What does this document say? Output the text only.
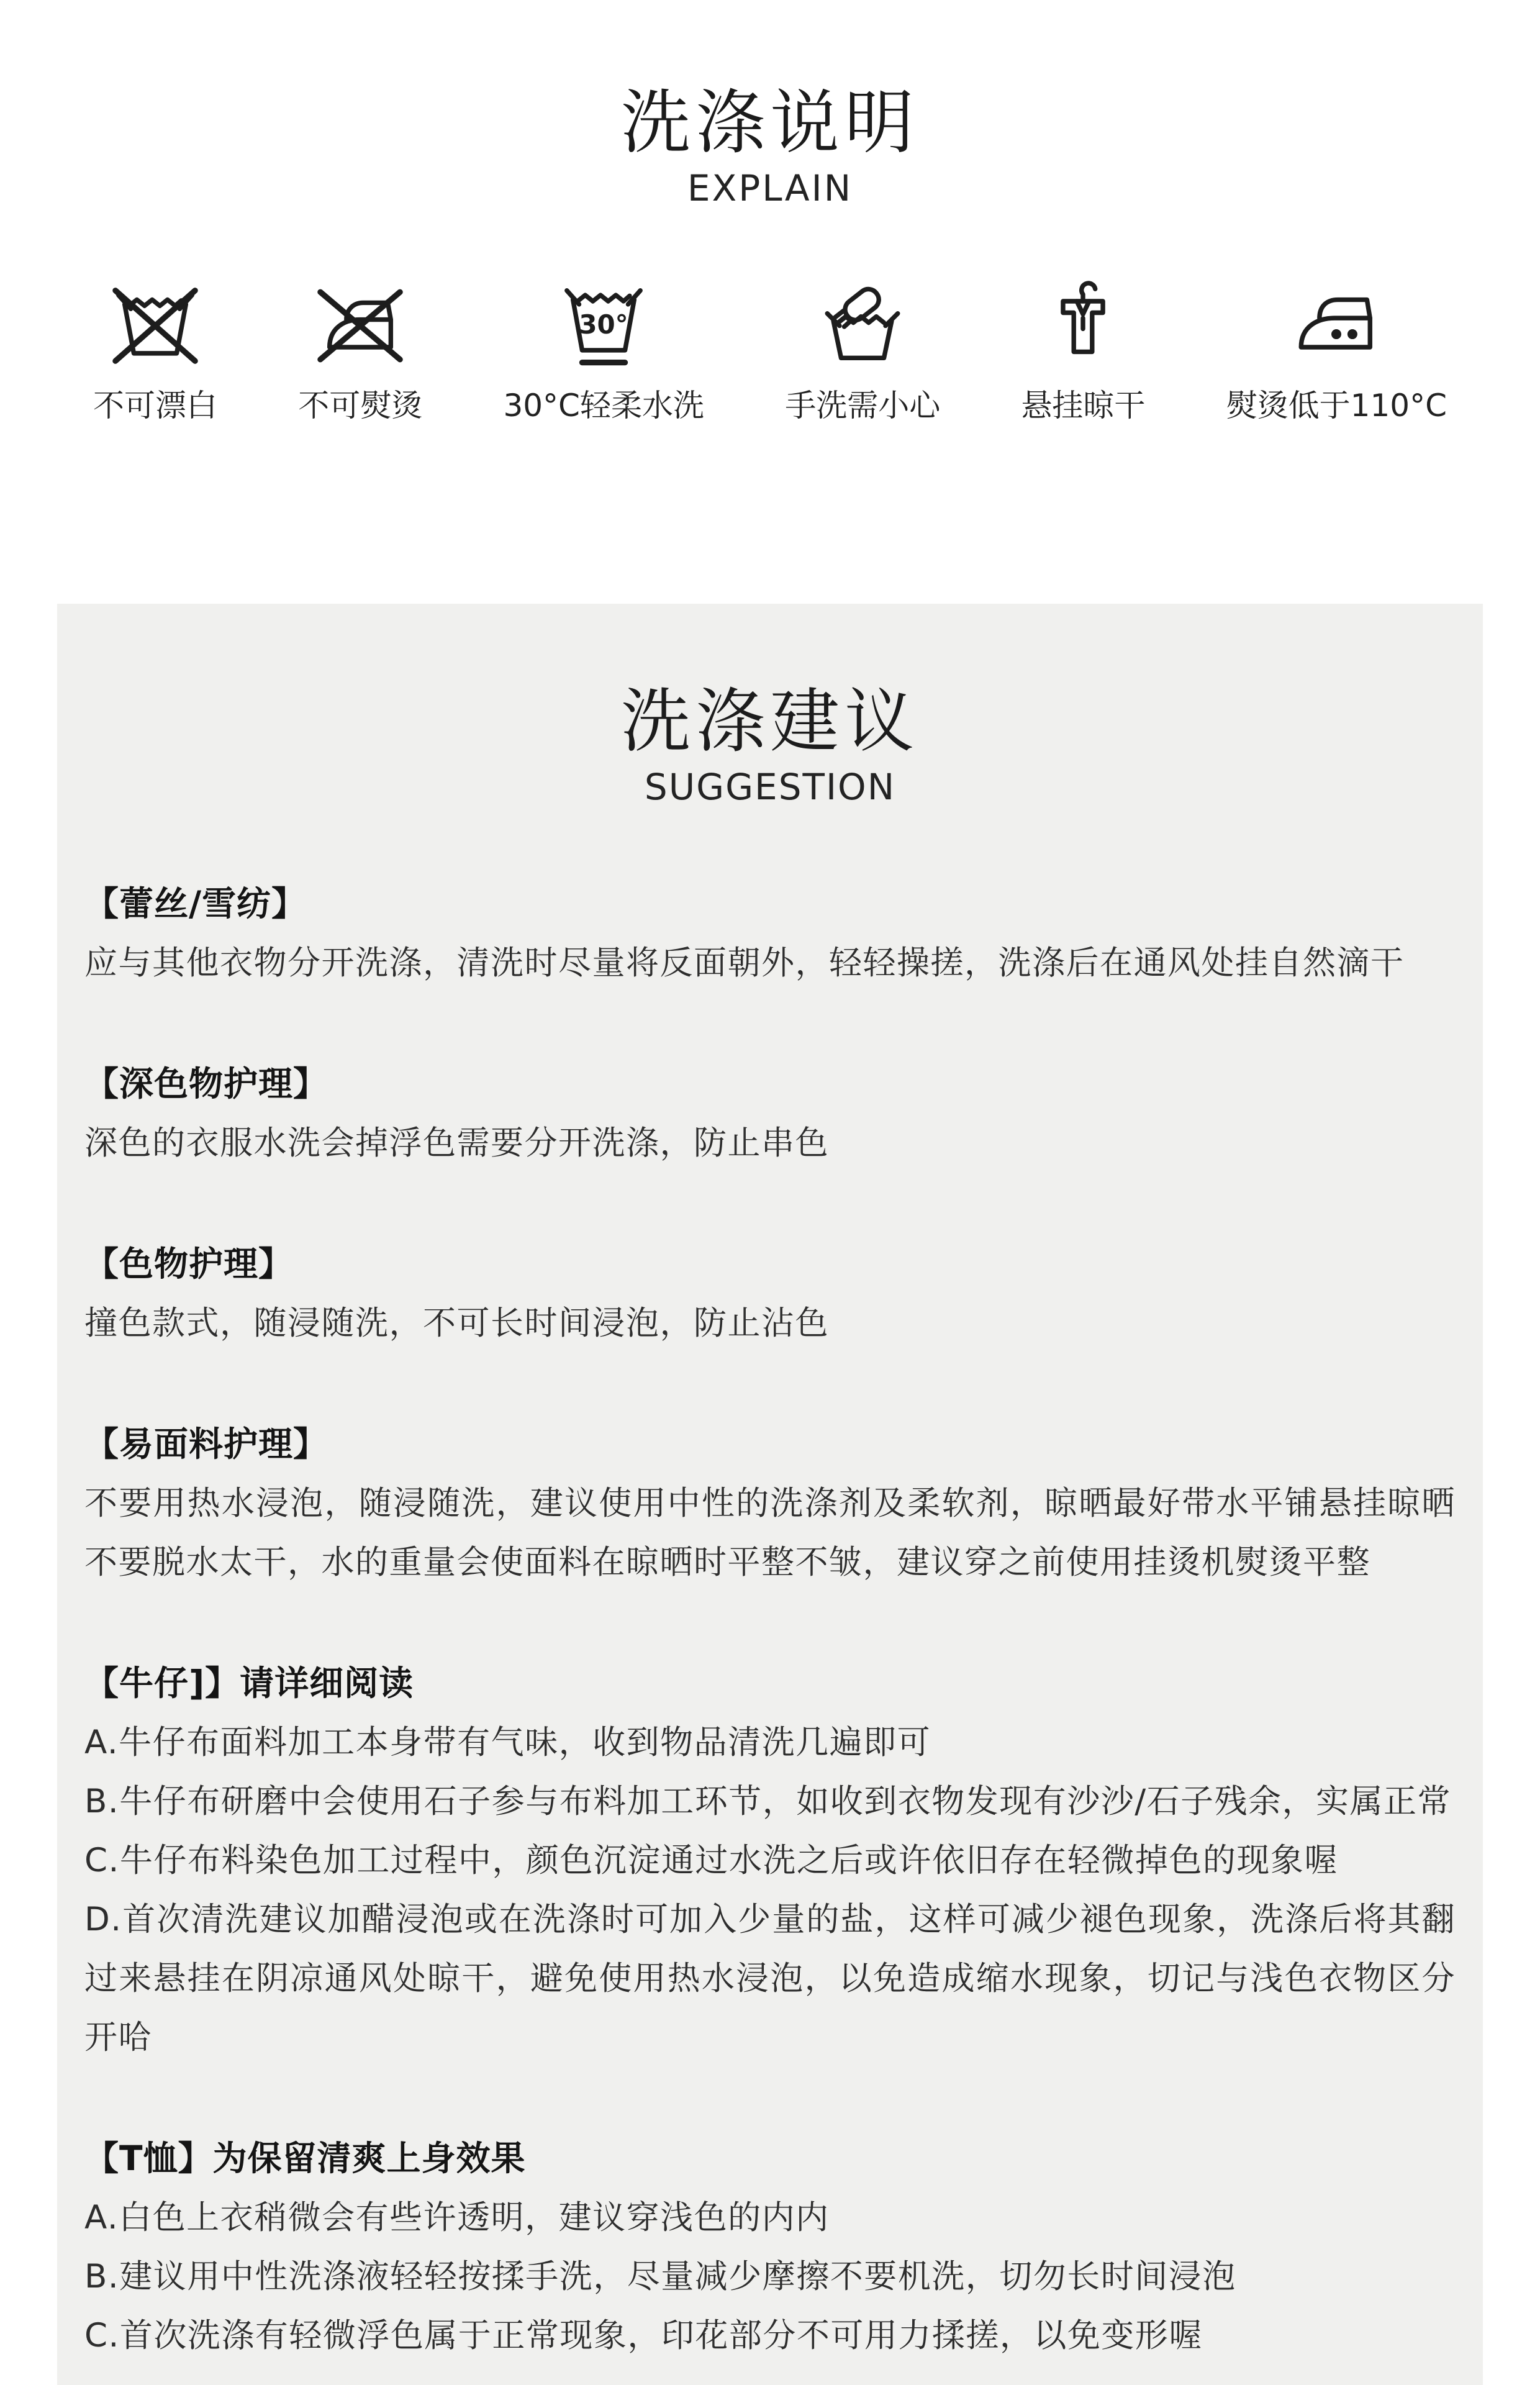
洗涤说明
EXPLAIN
不可漂白	不可熨烫
30°
30°C轻柔水洗	手洗需小心	悬挂晾干	熨烫低于110°C
洗涤建议
SUGGESTION
【蕾丝/雪纺】

应与其他衣物分开洗涤，清洗时尽量将反面朝外，轻轻操搓，洗涤后在通风处挂自然滴干

【深色物护理】

深色的衣服水洗会掉浮色需要分开洗涤，防止串色

【色物护理】

撞色款式，随浸随洗，不可长时间浸泡，防止沾色

【易面料护理】

不要用热水浸泡，随浸随洗，建议使用中性的洗涤剂及柔软剂，晾晒最好带水平铺悬挂晾晒不要脱水太干，水的重量会使面料在晾晒时平整不皱，建议穿之前使用挂烫机熨烫平整

【牛仔]】请详细阅读

A.牛仔布面料加工本身带有气味，收到物品清洗几遍即可

B.牛仔布研磨中会使用石子参与布料加工环节，如收到衣物发现有沙沙/石子残余，实属正常

C.牛仔布料染色加工过程中，颜色沉淀通过水洗之后或许依旧存在轻微掉色的现象喔

D.首次清洗建议加醋浸泡或在洗涤时可加入少量的盐，这样可减少褪色现象，洗涤后将其翻过来悬挂在阴凉通风处晾干，避免使用热水浸泡，以免造成缩水现象，切记与浅色衣物区分开哈

【T恤】为保留清爽上身效果

A.白色上衣稍微会有些许透明，建议穿浅色的内内

B.建议用中性洗涤液轻轻按揉手洗，尽量减少摩擦不要机洗，切勿长时间浸泡

C.首次洗涤有轻微浮色属于正常现象，印花部分不可用力揉搓，以免变形喔
